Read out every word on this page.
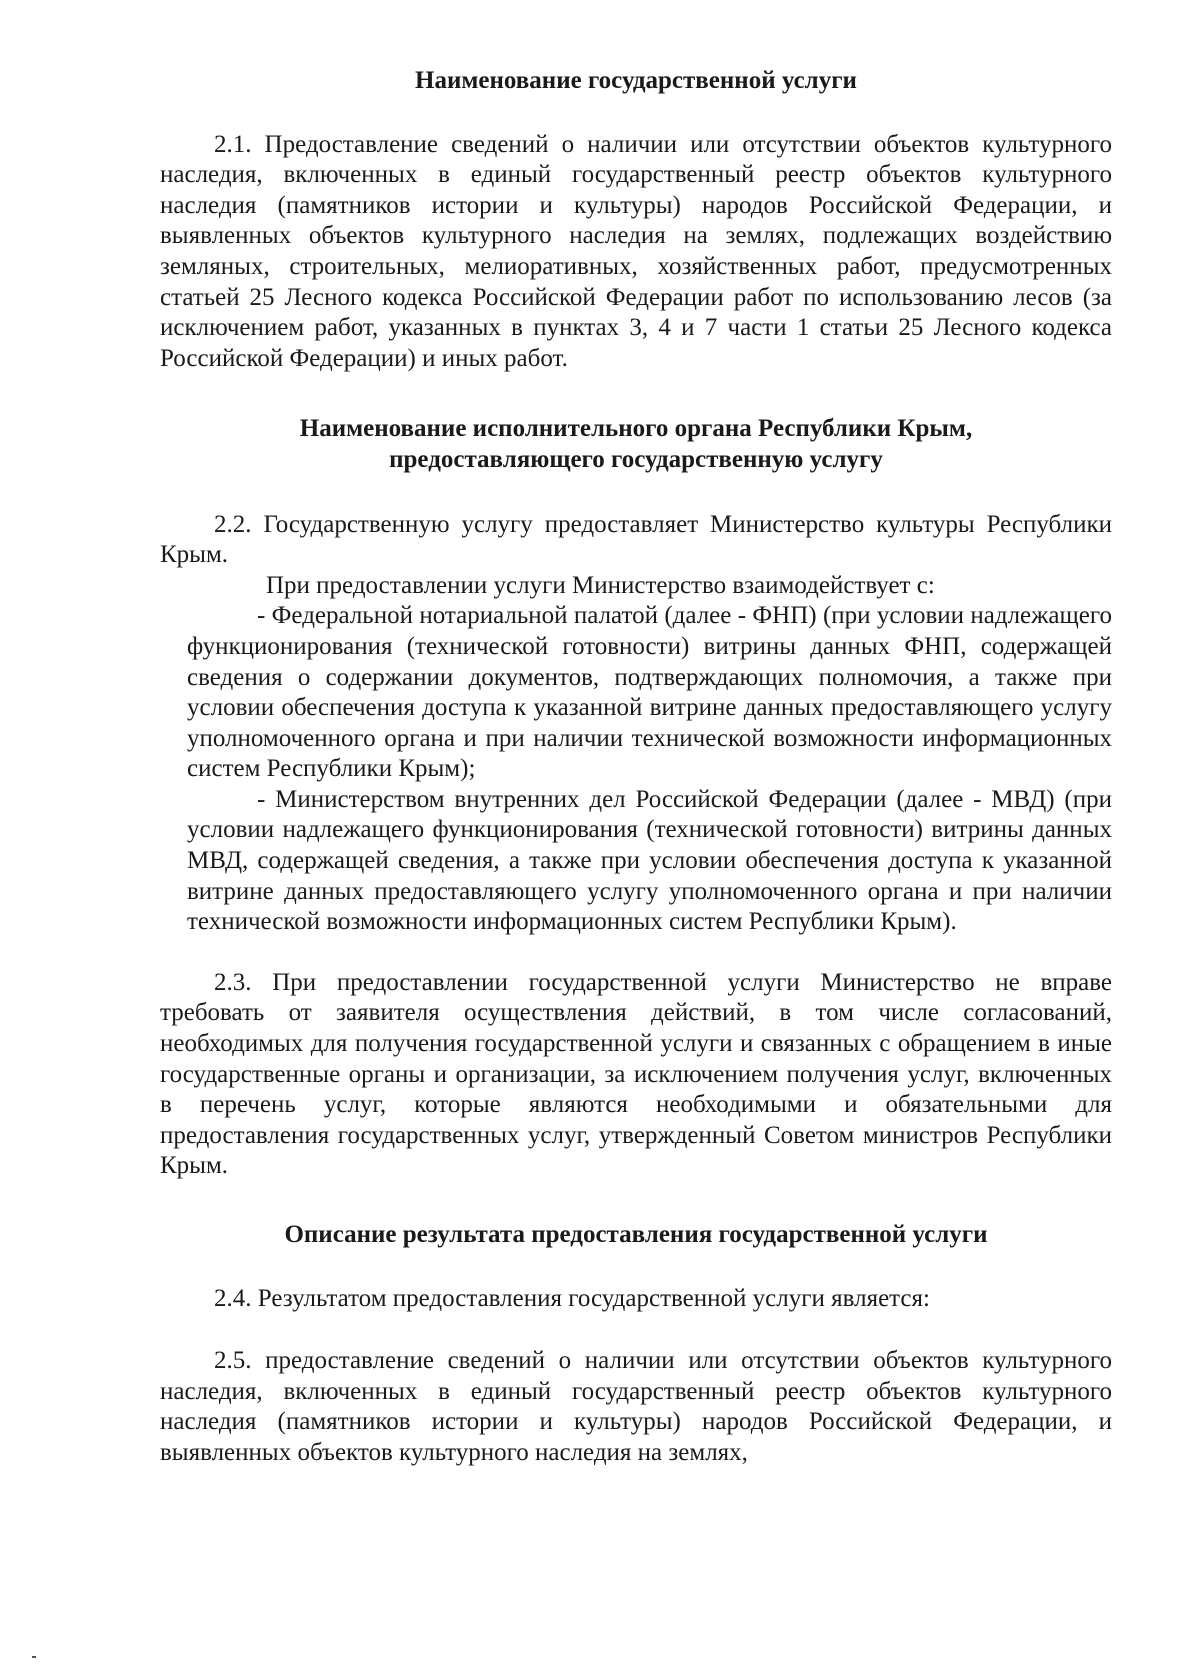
Наименование государственной услуги

2.1. Предоставление сведений о наличии или отсутствии объектов культурного наследия, включенных в единый государственный реестр объектов культурного наследия (памятников истории и культуры) народов Российской Федерации, и выявленных объектов культурного наследия на землях, подлежащих воздействию земляных, строительных, мелиоративных, хозяйственных работ, предусмотренных статьей 25 Лесного кодекса Российской Федерации работ по использованию лесов (за исключением работ, указанных в пунктах 3, 4 и 7 части 1 статьи 25 Лесного кодекса Российской Федерации) и иных работ.

Наименование исполнительного органа Республики Крым,
предоставляющего государственную услугу

2.2. Государственную услугу предоставляет Министерство культуры Республики Крым.

При предоставлении услуги Министерство взаимодействует с:

- Федеральной нотариальной палатой (далее - ФНП) (при условии надлежащего функционирования (технической готовности) витрины данных ФНП, содержащей сведения о содержании документов, подтверждающих полномочия, а также при условии обеспечения доступа к указанной витрине данных предоставляющего услугу уполномоченного органа и при наличии технической возможности информационных систем Республики Крым);

- Министерством внутренних дел Российской Федерации (далее - МВД) (при условии надлежащего функционирования (технической готовности) витрины данных МВД, содержащей сведения, а также при условии обеспечения доступа к указанной витрине данных предоставляющего услугу уполномоченного органа и при наличии технической возможности информационных систем Республики Крым).

2.3. При предоставлении государственной услуги Министерство не вправе требовать от заявителя осуществления действий, в том числе согласований, необходимых для получения государственной услуги и связанных с обращением в иные государственные органы и организации, за исключением получения услуг, включенных в перечень услуг, которые являются необходимыми и обязательными для предоставления государственных услуг, утвержденный Советом министров Республики Крым.

Описание результата предоставления государственной услуги

2.4. Результатом предоставления государственной услуги является:

2.5. предоставление сведений о наличии или отсутствии объектов культурного наследия, включенных в единый государственный реестр объектов культурного наследия (памятников истории и культуры) народов Российской Федерации, и выявленных объектов культурного наследия на землях,
